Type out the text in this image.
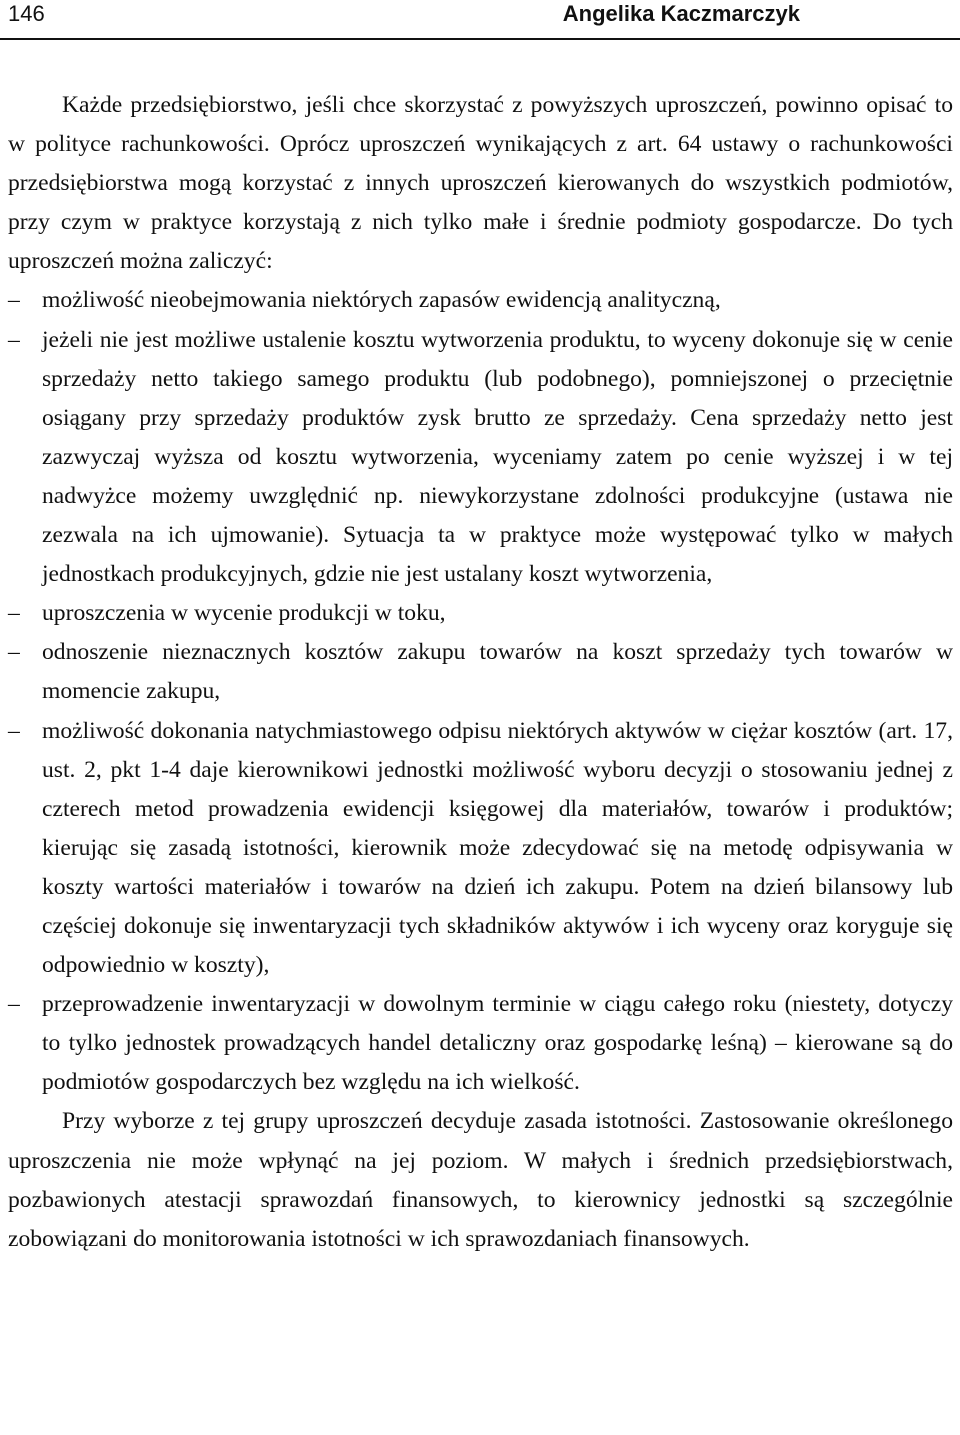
146	Angelika Kaczmarczyk

Każde przedsiębiorstwo, jeśli chce skorzystać z powyższych uproszczeń, powinno opisać to w polityce rachunkowości. Oprócz uproszczeń wynikających z art. 64 ustawy o rachunkowości przedsiębiorstwa mogą korzystać z innych uproszczeń kierowanych do wszystkich podmiotów, przy czym w praktyce korzystają z nich tylko małe i średnie podmioty gospodarcze. Do tych uproszczeń można zaliczyć:

– możliwość nieobejmowania niektórych zapasów ewidencją analityczną,
– jeżeli nie jest możliwe ustalenie kosztu wytworzenia produktu, to wyceny dokonuje się w cenie sprzedaży netto takiego samego produktu (lub podobnego), pomniejszonej o przeciętnie osiągany przy sprzedaży produktów zysk brutto ze sprzedaży. Cena sprzedaży netto jest zazwyczaj wyższa od kosztu wytworzenia, wyceniamy zatem po cenie wyższej i w tej nadwyżce możemy uwzględnić np. niewykorzystane zdolności produkcyjne (ustawa nie zezwala na ich ujmowanie). Sytuacja ta w praktyce może występować tylko w małych jednostkach produkcyjnych, gdzie nie jest ustalany koszt wytworzenia,
– uproszczenia w wycenie produkcji w toku,
– odnoszenie nieznacznych kosztów zakupu towarów na koszt sprzedaży tych towarów w momencie zakupu,
– możliwość dokonania natychmiastowego odpisu niektórych aktywów w ciężar kosztów (art. 17, ust. 2, pkt 1-4 daje kierownikowi jednostki możliwość wyboru decyzji o stosowaniu jednej z czterech metod prowadzenia ewidencji księgowej dla materiałów, towarów i produktów; kierując się zasadą istotności, kierownik może zdecydować się na metodę odpisywania w koszty wartości materiałów i towarów na dzień ich zakupu. Potem na dzień bilansowy lub częściej dokonuje się inwentaryzacji tych składników aktywów i ich wyceny oraz koryguje się odpowiednio w koszty),
– przeprowadzenie inwentaryzacji w dowolnym terminie w ciągu całego roku (niestety, dotyczy to tylko jednostek prowadzących handel detaliczny oraz gospodarkę leśną) – kierowane są do podmiotów gospodarczych bez względu na ich wielkość.

Przy wyborze z tej grupy uproszczeń decyduje zasada istotności. Zastosowanie określonego uproszczenia nie może wpłynąć na jej poziom. W małych i średnich przedsiębiorstwach, pozbawionych atestacji sprawozdań finansowych, to kierownicy jednostki są szczególnie zobowiązani do monitorowania istotności w ich sprawozdaniach finansowych.
